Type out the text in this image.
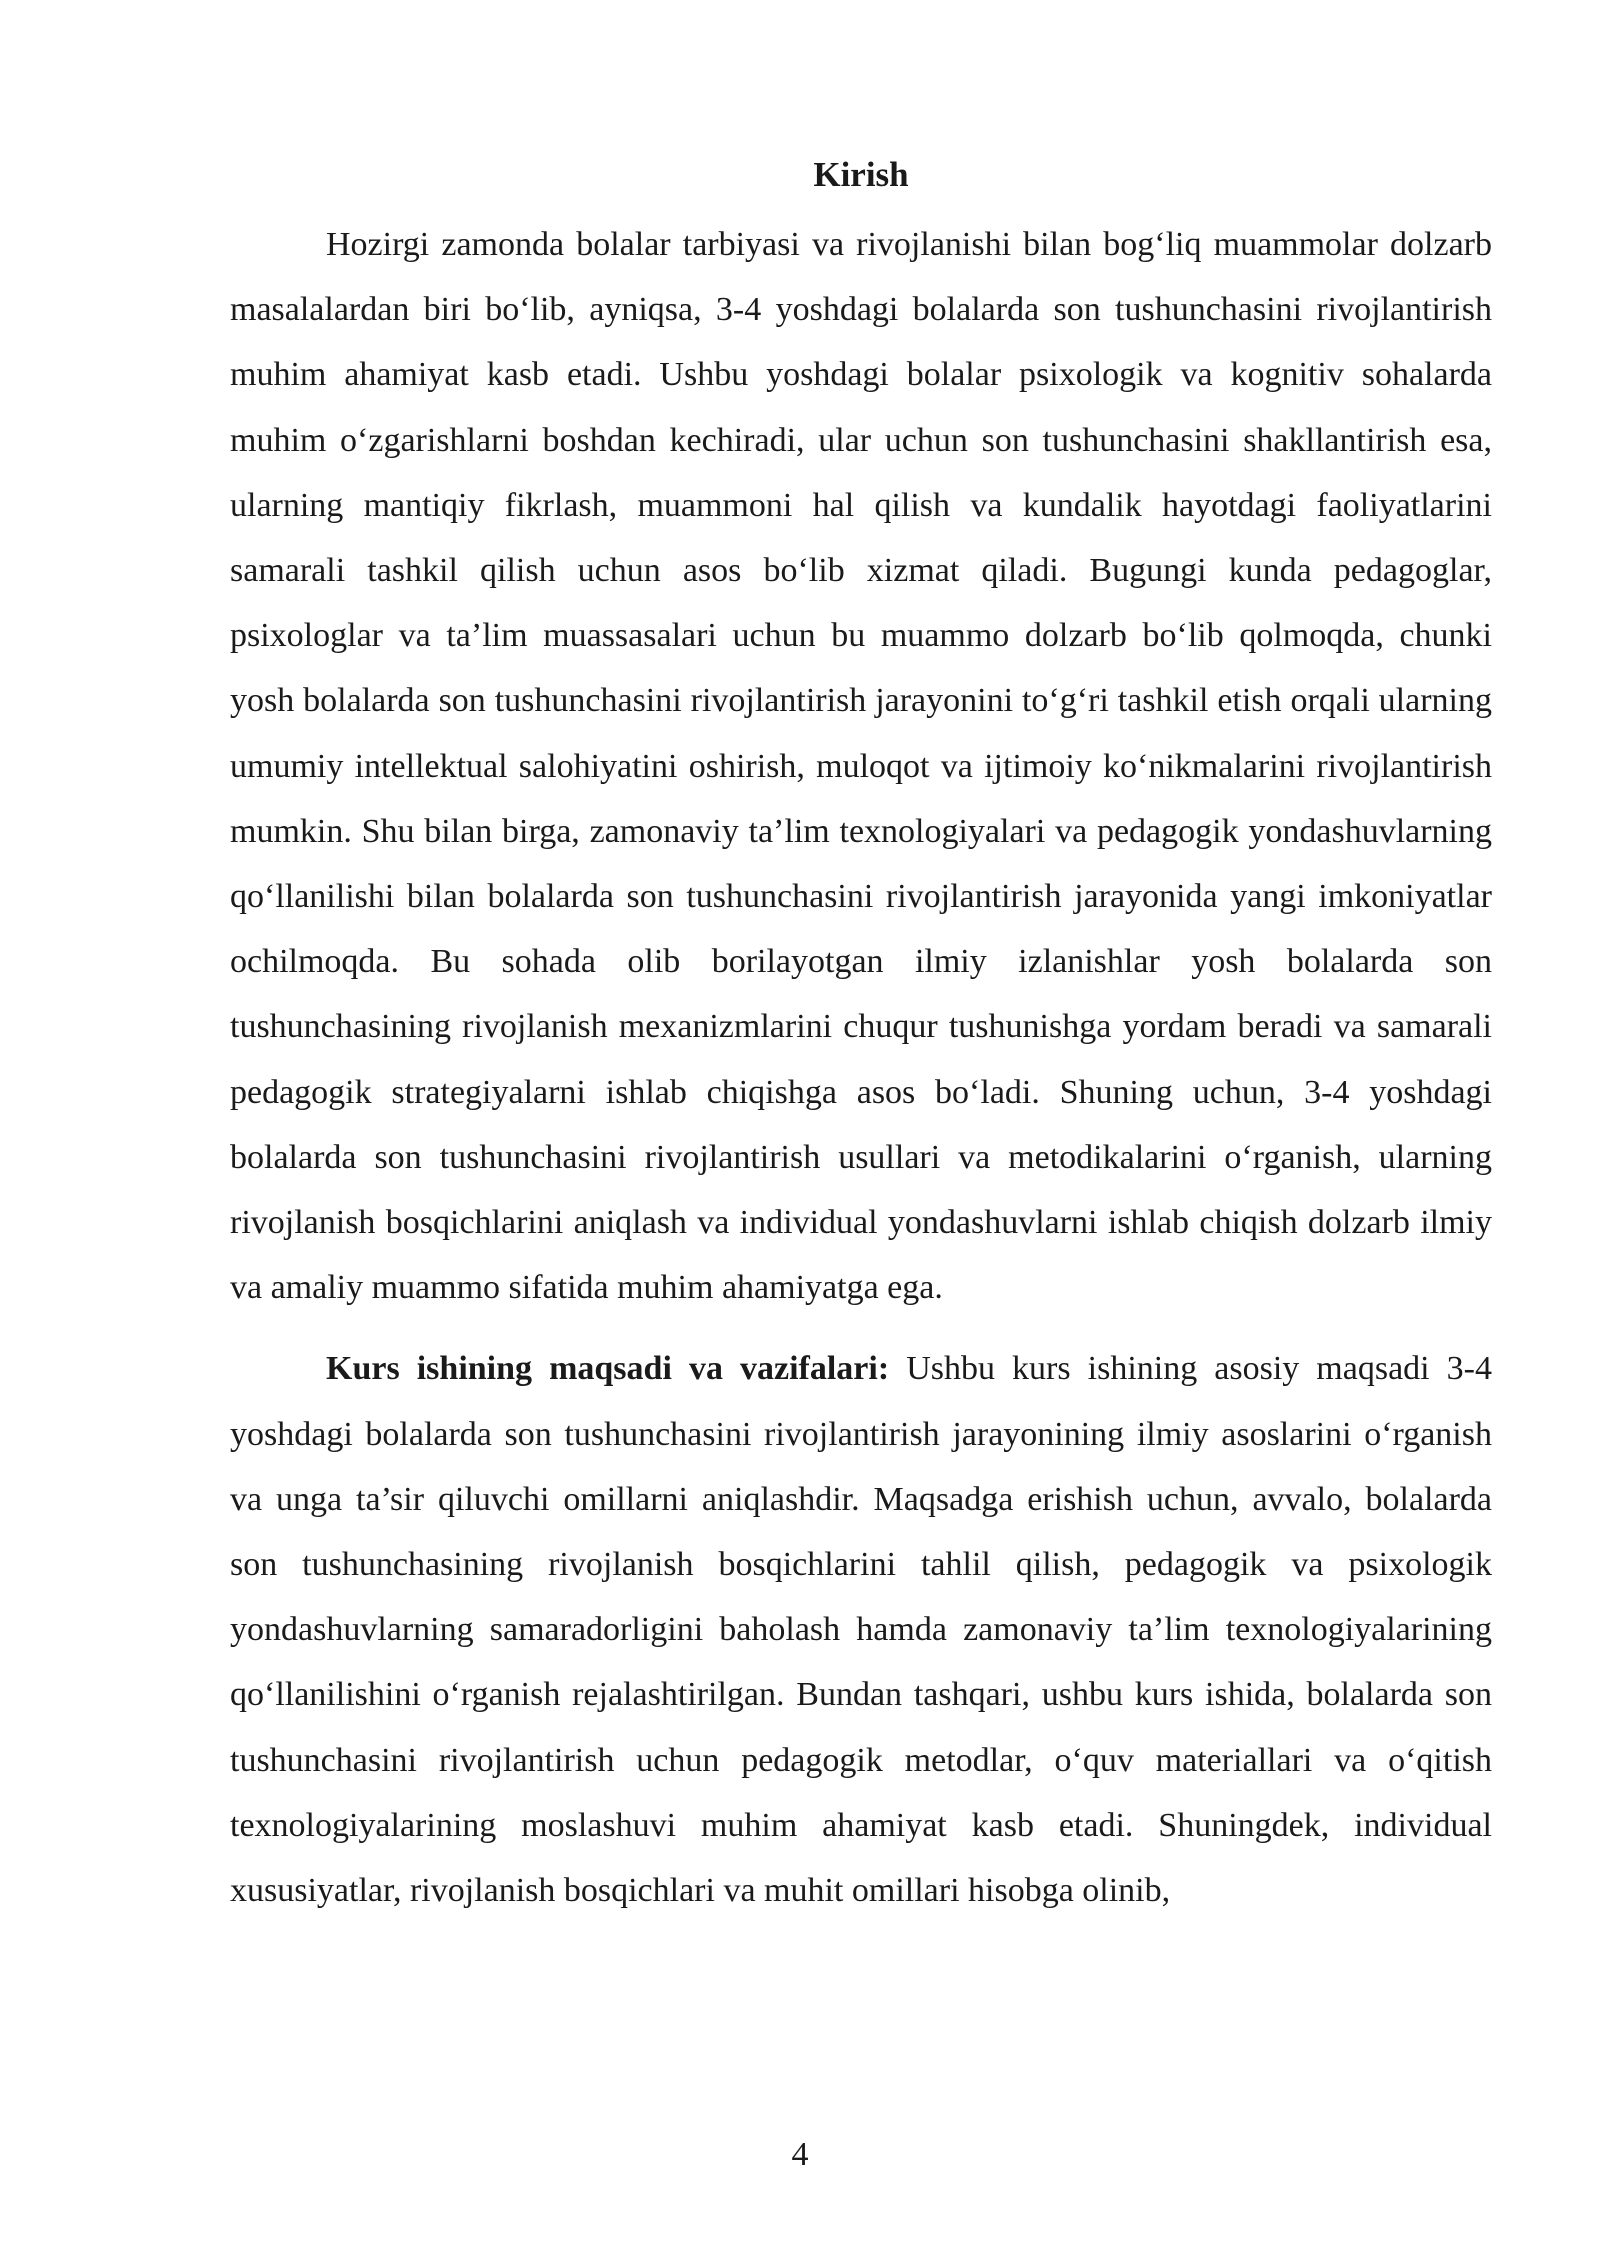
Kirish

Hozirgi zamonda bolalar tarbiyasi va rivojlanishi bilan bog‘liq muammolar dolzarb masalalardan biri bo‘lib, ayniqsa, 3-4 yoshdagi bolalarda son tushunchasini rivojlantirish muhim ahamiyat kasb etadi. Ushbu yoshdagi bolalar psixologik va kognitiv sohalarda muhim o‘zgarishlarni boshdan kechiradi, ular uchun son tushunchasini shakllantirish esa, ularning mantiqiy fikrlash, muammoni hal qilish va kundalik hayotdagi faoliyatlarini samarali tashkil qilish uchun asos bo‘lib xizmat qiladi. Bugungi kunda pedagoglar, psixologlar va ta’lim muassasalari uchun bu muammo dolzarb bo‘lib qolmoqda, chunki yosh bolalarda son tushunchasini rivojlantirish jarayonini to‘g‘ri tashkil etish orqali ularning umumiy intellektual salohiyatini oshirish, muloqot va ijtimoiy ko‘nikmalarini rivojlantirish mumkin. Shu bilan birga, zamonaviy ta’lim texnologiyalari va pedagogik yondashuvlarning qo‘llanilishi bilan bolalarda son tushunchasini rivojlantirish jarayonida yangi imkoniyatlar ochilmoqda. Bu sohada olib borilayotgan ilmiy izlanishlar yosh bolalarda son tushunchasining rivojlanish mexanizmlarini chuqur tushunishga yordam beradi va samarali pedagogik strategiyalarni ishlab chiqishga asos bo‘ladi. Shuning uchun, 3-4 yoshdagi bolalarda son tushunchasini rivojlantirish usullari va metodikalarini o‘rganish, ularning rivojlanish bosqichlarini aniqlash va individual yondashuvlarni ishlab chiqish dolzarb ilmiy va amaliy muammo sifatida muhim ahamiyatga ega.

Kurs ishining maqsadi va vazifalari: Ushbu kurs ishining asosiy maqsadi 3-4 yoshdagi bolalarda son tushunchasini rivojlantirish jarayonining ilmiy asoslarini o‘rganish va unga ta’sir qiluvchi omillarni aniqlashdir. Maqsadga erishish uchun, avvalo, bolalarda son tushunchasining rivojlanish bosqichlarini tahlil qilish, pedagogik va psixologik yondashuvlarning samaradorligini baholash hamda zamonaviy ta’lim texnologiyalarining qo‘llanilishini o‘rganish rejalashtirilgan. Bundan tashqari, ushbu kurs ishida, bolalarda son tushunchasini rivojlantirish uchun pedagogik metodlar, o‘quv materiallari va o‘qitish texnologiyalarining moslashuvi muhim ahamiyat kasb etadi. Shuningdek, individual xususiyatlar, rivojlanish bosqichlari va muhit omillari hisobga olinib,

4
